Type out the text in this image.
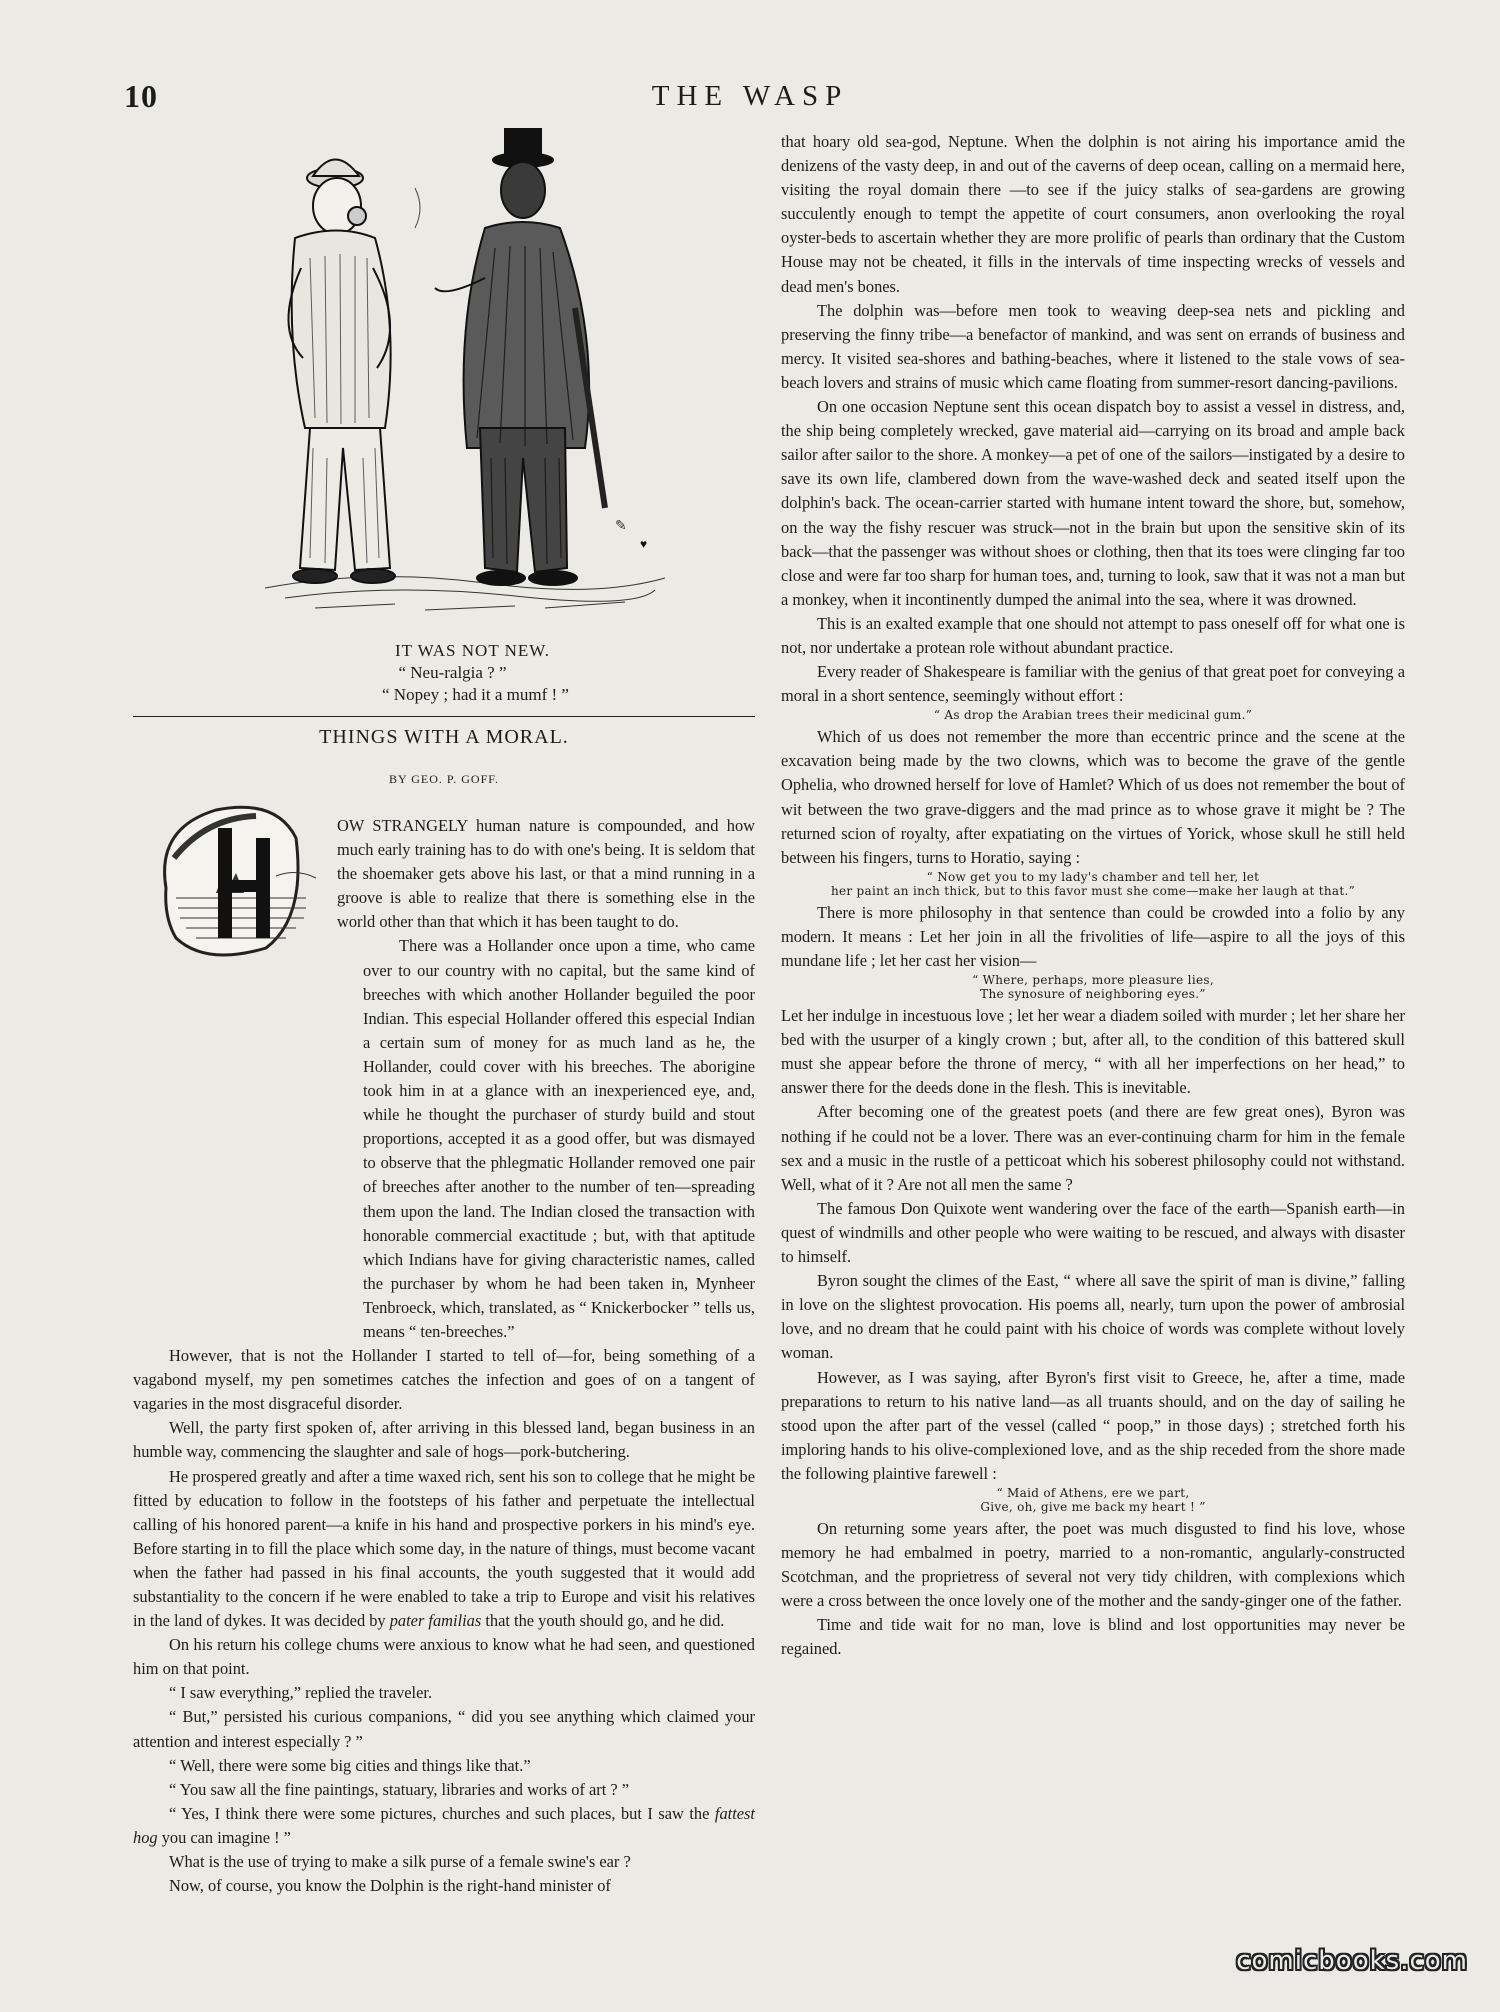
10	THE WASP
✎
♥
IT WAS NOT NEW.
“ Neu-ralgia ? ”
“ Nopey ; had it a mumf ! ”
THINGS WITH A MORAL.
BY GEO. P. GOFF.

OW STRANGELY human nature is compounded, and how much early training has to do with one's being. It is seldom that the shoemaker gets above his last, or that a mind running in a groove is able to realize that there is something else in the world other than that which it has been taught to do.

There was a Hollander once upon a time, who came over to our country with no capital, but the same kind of breeches with which another Hollander beguiled the poor Indian. This especial Hollander offered this especial Indian a certain sum of money for as much land as he, the Hollander, could cover with his breeches. The aborigine took him in at a glance with an inexperienced eye, and, while he thought the purchaser of sturdy build and stout proportions, accepted it as a good offer, but was dismayed to observe that the phlegmatic Hollander removed one pair of breeches after another to the number of ten—spreading them upon the land. The Indian closed the transaction with honorable commercial exactitude ; but, with that aptitude which Indians have for giving characteristic names, called the purchaser by whom he had been taken in, Mynheer Tenbroeck, which, translated, as “ Knickerbocker ” tells us, means “ ten-breeches.”

However, that is not the Hollander I started to tell of—for, being something of a vagabond myself, my pen sometimes catches the infection and goes of on a tangent of vagaries in the most disgraceful disorder.

Well, the party first spoken of, after arriving in this blessed land, began business in an humble way, commencing the slaughter and sale of hogs—pork-butchering.

He prospered greatly and after a time waxed rich, sent his son to college that he might be fitted by education to follow in the footsteps of his father and perpetuate the intellectual calling of his honored parent—a knife in his hand and prospective porkers in his mind's eye. Before starting in to fill the place which some day, in the nature of things, must become vacant when the father had passed in his final accounts, the youth suggested that it would add substantiality to the concern if he were enabled to take a trip to Europe and visit his relatives in the land of dykes. It was decided by pater familias that the youth should go, and he did.

On his return his college chums were anxious to know what he had seen, and questioned him on that point.

“ I saw everything,” replied the traveler.

“ But,” persisted his curious companions, “ did you see anything which claimed your attention and interest especially ? ”

“ Well, there were some big cities and things like that.”

“ You saw all the fine paintings, statuary, libraries and works of art ? ”

“ Yes, I think there were some pictures, churches and such places, but I saw the fattest hog you can imagine ! ”

What is the use of trying to make a silk purse of a female swine's ear ?

Now, of course, you know the Dolphin is the right-hand minister of

that hoary old sea-god, Neptune. When the dolphin is not airing his importance amid the denizens of the vasty deep, in and out of the caverns of deep ocean, calling on a mermaid here, visiting the royal domain there —to see if the juicy stalks of sea-gardens are growing succulently enough to tempt the appetite of court consumers, anon overlooking the royal oyster-beds to ascertain whether they are more prolific of pearls than ordinary that the Custom House may not be cheated, it fills in the intervals of time inspecting wrecks of vessels and dead men's bones.

The dolphin was—before men took to weaving deep-sea nets and pickling and preserving the finny tribe—a benefactor of mankind, and was sent on errands of business and mercy. It visited sea-shores and bathing-beaches, where it listened to the stale vows of sea-beach lovers and strains of music which came floating from summer-resort dancing-pavilions.

On one occasion Neptune sent this ocean dispatch boy to assist a vessel in distress, and, the ship being completely wrecked, gave material aid—carrying on its broad and ample back sailor after sailor to the shore. A monkey—a pet of one of the sailors—instigated by a desire to save its own life, clambered down from the wave-washed deck and seated itself upon the dolphin's back. The ocean-carrier started with humane intent toward the shore, but, somehow, on the way the fishy rescuer was struck—not in the brain but upon the sensitive skin of its back—that the passenger was without shoes or clothing, then that its toes were clinging far too close and were far too sharp for human toes, and, turning to look, saw that it was not a man but a monkey, when it incontinently dumped the animal into the sea, where it was drowned.

This is an exalted example that one should not attempt to pass oneself off for what one is not, nor undertake a protean role without abundant practice.

Every reader of Shakespeare is familiar with the genius of that great poet for conveying a moral in a short sentence, seemingly without effort :

“ As drop the Arabian trees their medicinal gum.”

Which of us does not remember the more than eccentric prince and the scene at the excavation being made by the two clowns, which was to become the grave of the gentle Ophelia, who drowned herself for love of Hamlet? Which of us does not remember the bout of wit between the two grave-diggers and the mad prince as to whose grave it might be ? The returned scion of royalty, after expatiating on the virtues of Yorick, whose skull he still held between his fingers, turns to Horatio, saying :

“ Now get you to my lady's chamber and tell her, let
her paint an inch thick, but to this favor must she come—make her laugh at that.”

There is more philosophy in that sentence than could be crowded into a folio by any modern. It means : Let her join in all the frivolities of life—aspire to all the joys of this mundane life ; let her cast her vision—

“ Where, perhaps, more pleasure lies,
The synosure of neighboring eyes.”

Let her indulge in incestuous love ; let her wear a diadem soiled with murder ; let her share her bed with the usurper of a kingly crown ; but, after all, to the condition of this battered skull must she appear before the throne of mercy, “ with all her imperfections on her head,” to answer there for the deeds done in the flesh. This is inevitable.

After becoming one of the greatest poets (and there are few great ones), Byron was nothing if he could not be a lover. There was an ever-continuing charm for him in the female sex and a music in the rustle of a petticoat which his soberest philosophy could not withstand. Well, what of it ? Are not all men the same ?

The famous Don Quixote went wandering over the face of the earth—Spanish earth—in quest of windmills and other people who were waiting to be rescued, and always with disaster to himself.

Byron sought the climes of the East, “ where all save the spirit of man is divine,” falling in love on the slightest provocation. His poems all, nearly, turn upon the power of ambrosial love, and no dream that he could paint with his choice of words was complete without lovely woman.

However, as I was saying, after Byron's first visit to Greece, he, after a time, made preparations to return to his native land—as all truants should, and on the day of sailing he stood upon the after part of the vessel (called “ poop,” in those days) ; stretched forth his imploring hands to his olive-complexioned love, and as the ship receded from the shore made the following plaintive farewell :

“ Maid of Athens, ere we part,
Give, oh, give me back my heart ! ”

On returning some years after, the poet was much disgusted to find his love, whose memory he had embalmed in poetry, married to a non-romantic, angularly-constructed Scotchman, and the proprietress of several not very tidy children, with complexions which were a cross between the once lovely one of the mother and the sandy-ginger one of the father.

Time and tide wait for no man, love is blind and lost opportunities may never be regained.

comicbooks.com
